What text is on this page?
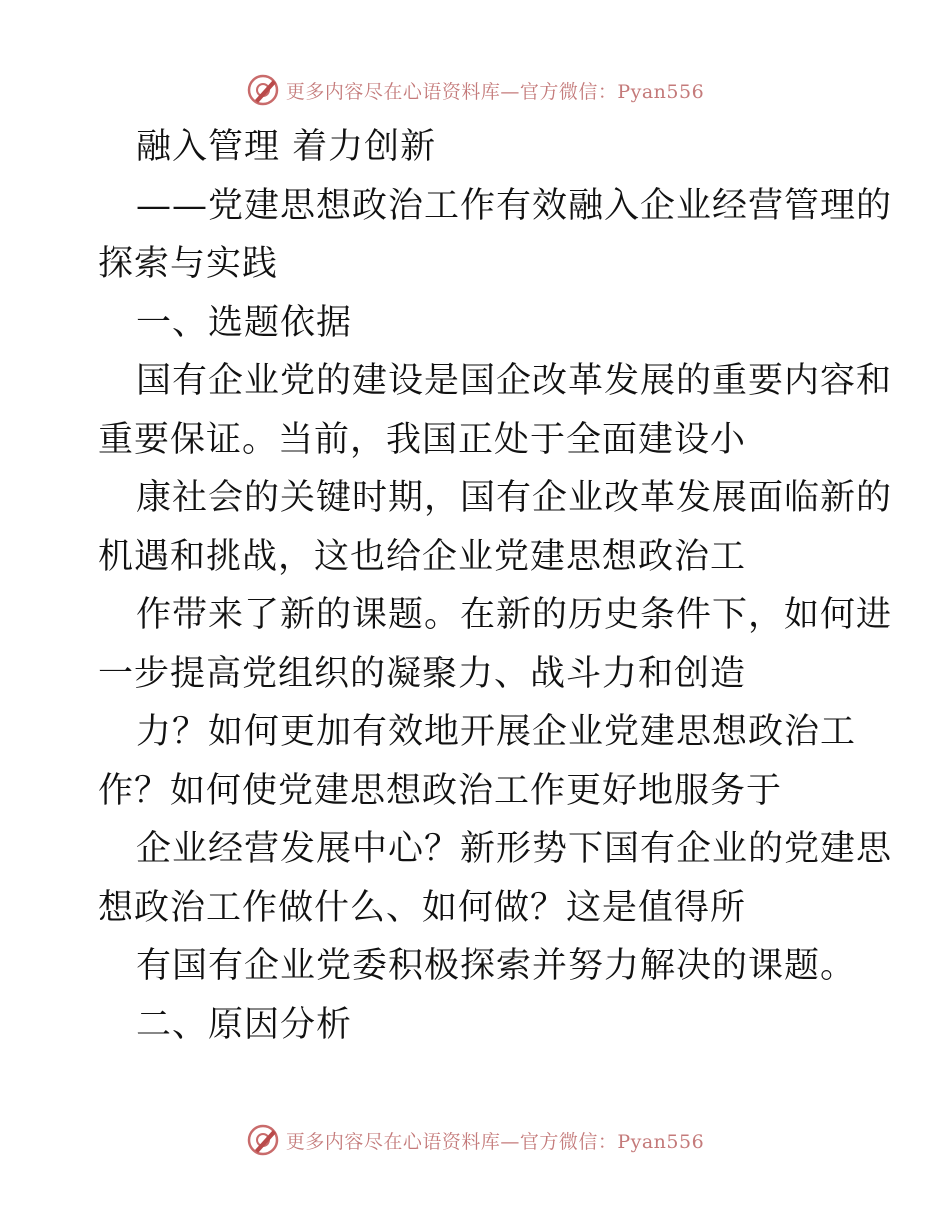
更多内容尽在心语资料库—官方微信：Pyan556
融入管理 着力创新
——党建思想政治工作有效融入企业经营管理的
探索与实践
一、选题依据
国有企业党的建设是国企改革发展的重要内容和
重要保证。当前，我国正处于全面建设小
康社会的关键时期，国有企业改革发展面临新的
机遇和挑战，这也给企业党建思想政治工
作带来了新的课题。在新的历史条件下，如何进
一步提高党组织的凝聚力、战斗力和创造
力？如何更加有效地开展企业党建思想政治工
作？如何使党建思想政治工作更好地服务于
企业经营发展中心？新形势下国有企业的党建思
想政治工作做什么、如何做？这是值得所
有国有企业党委积极探索并努力解决的课题。
二、原因分析
更多内容尽在心语资料库—官方微信：Pyan556
